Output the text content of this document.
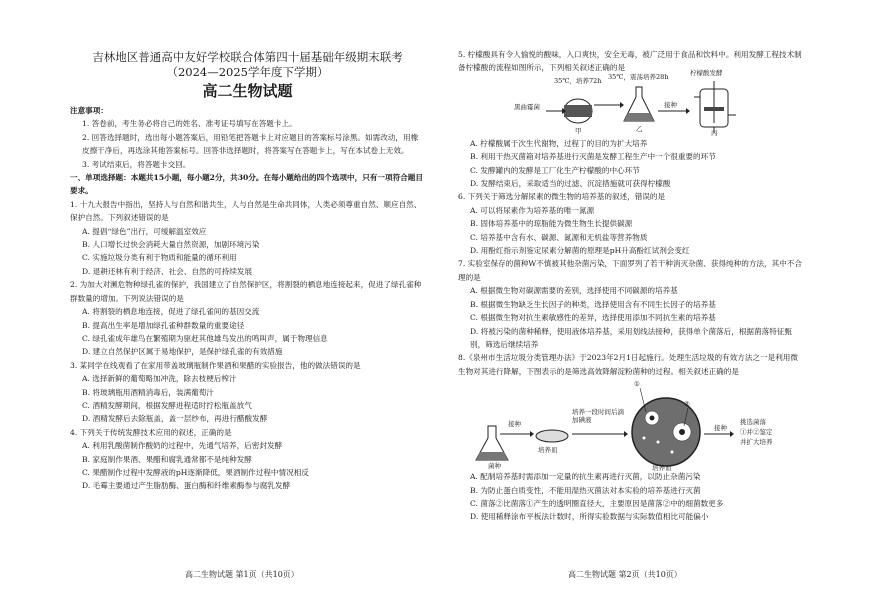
吉林地区普通高中友好学校联合体第四十届基础年级期末联考
（2024—2025学年度下学期）
高二生物试题
注意事项：
1. 答卷前，考生务必将自己的姓名、准考证号填写在答题卡上。
2. 回答选择题时，选出每小题答案后，用铅笔把答题卡上对应题目的答案标号涂黑。如需改动，用橡皮擦干净后，再选涂其他答案标号。回答非选择题时，将答案写在答题卡上，写在本试卷上无效。
3. 考试结束后，将答题卡交回。
一、单项选择题：本题共15小题，每小题2分，共30分。在每小题给出的四个选项中，只有一项符合题目要求。
1. 十九大报告中指出，坚持人与自然和谐共生，人与自然是生命共同体，人类必须尊重自然、顺应自然、保护自然。下列叙述错误的是
A. 提倡“绿色”出行，可缓解温室效应
B. 人口增长过快会消耗大量自然资源，加剧环境污染
C. 实施垃圾分类有利于物质和能量的循环利用
D. 退耕还林有利于经济、社会、自然的可持续发展
2. 为加大对濒危物种绿孔雀的保护，我国建立了自然保护区，将割裂的栖息地连接起来，促进了绿孔雀种群数量的增加。下列说法错误的是
A. 将割裂的栖息地连接，促进了绿孔雀间的基因交流
B. 提高出生率是增加绿孔雀种群数量的重要途径
C. 绿孔雀成年雄鸟在繁殖期为驱赶其他雄鸟发出的鸣叫声，属于物理信息
D. 建立自然保护区属于易地保护，是保护绿孔雀的有效措施
3. 某同学在线观看了在家用带盖玻璃瓶制作果酒和果醋的实验报告，他的做法错误的是
A. 选择新鲜的葡萄略加冲洗，除去枝梗后榨汁
B. 将玻璃瓶用酒精消毒后，装满葡萄汁
C. 酒精发酵期间，根据发酵进程适时拧松瓶盖放气
D. 酒精发酵后去除瓶盖，盖一层纱布，再进行醋酸发酵
4. 下列关于传统发酵技术应用的叙述，正确的是
A. 利用乳酸菌制作酸奶的过程中，先通气培养，后密封发酵
B. 家庭制作果酒、果醋和腐乳通常都不是纯种发酵
C. 果醋制作过程中发酵液的pH逐渐降低，果酒制作过程中情况相反
D. 毛霉主要通过产生脂肪酶、蛋白酶和纤维素酶参与腐乳发酵
高二生物试题 第1页（共10页）
5. 柠檬酸具有令人愉悦的酸味，入口爽快，安全无毒，被广泛用于食品和饮料中。利用发酵工程技术制备柠檬酸的流程如图所示，下列相关叙述正确的是
黑曲霉菌
35℃，培养72h 35℃，震荡培养28h	柠檬酸发酵
接种
甲	乙	丙
A. 柠檬酸属于次生代谢物，过程丁的目的为扩大培养
B. 利用干热灭菌箱对培养基进行灭菌是发酵工程生产中一个很重要的环节
C. 发酵罐内的发酵是工厂化生产柠檬酸的中心环节
D. 发酵结束后，采取适当的过滤、沉淀措施就可获得柠檬酸
6. 下列关于筛选分解尿素的微生物的培养基的叙述，错误的是
A. 可以将尿素作为培养基的唯一氮源
B. 固体培养基中的琼脂能为微生物生长提供碳源
C. 培养基中含有水、碳源、氮源和无机盐等营养物质
D. 用酚红指示剂鉴定尿素分解菌的原理是pH升高酚红试剂会变红
7. 实验室保存的菌种W不慎被其他杂菌污染，下面罗列了若干种消灭杂菌、获得纯种的方法，其中不合理的是
A. 根据微生物对碳源需要的差别，选择使用不同碳源的培养基
B. 根据微生物缺乏生长因子的种类，选择使用含有不同生长因子的培养基
C. 根据微生物对抗生素敏感性的差异，选择使用添加不同抗生素的培养基
D. 将被污染的菌种稀释，使用液体培养基，采用划线法接种，获得单个菌落后，根据菌落特征甄别，筛选后继续培养
8.《泉州市生活垃圾分类管理办法》于2023年2月1日起施行。处理生活垃圾的有效方法之一是利用微生物对其进行降解，下图表示的是筛选高效降解淀粉菌种的过程。相关叙述正确的是
接种
菌种
培养皿
培养一段时间后滴加碘液
①
②
培养皿
接种
挑选菌落
①并②鉴定
并扩大培养
A. 配制培养基时需添加一定量的抗生素再进行灭菌，以防止杂菌污染
B. 为防止蛋白质变性，不能用湿热灭菌法对本实验的培养基进行灭菌
C. 菌落②比菌落①产生的透明圈直径大，主要原因是菌落②中的细菌数更多
D. 使用稀释涂布平板法计数时，所得实验数据与实际数值相比可能偏小
高二生物试题 第2页（共10页）
